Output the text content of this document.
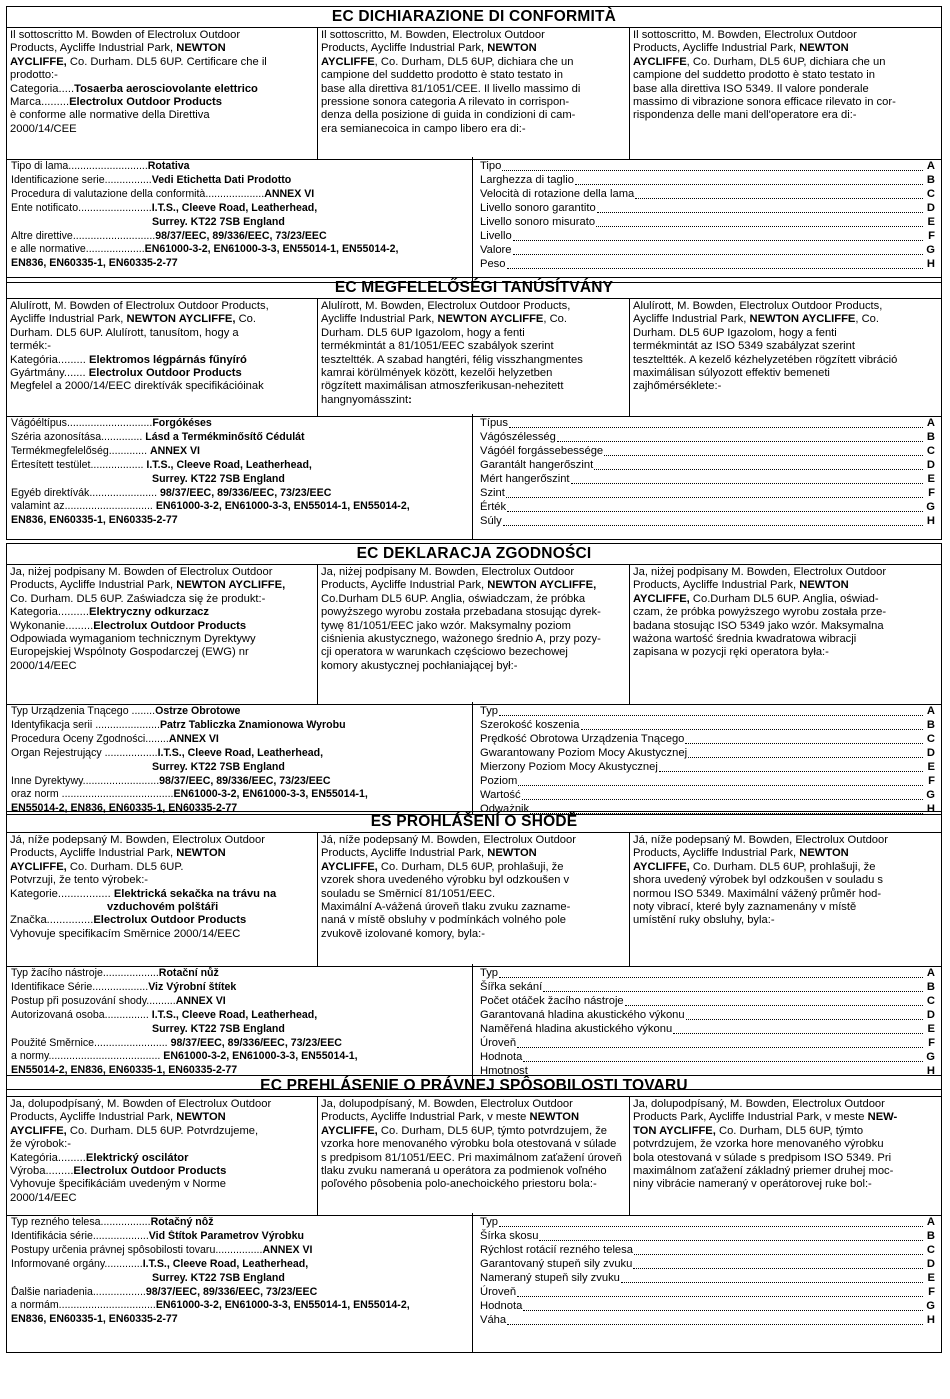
EC DICHIARAZIONE DI CONFORMITÀ
Il sottoscritto M. Bowden of Electrolux Outdoor
Products, Aycliffe Industrial Park, NEWTON
AYCLIFFE, Co. Durham. DL5 6UP. Certificare che il
prodotto:-
Categoria.....Tosaerba aerosciovolante elettrico
Marca.........Electrolux Outdoor Products
è conforme alle normative della Direttiva
2000/14/CEE
Il sottoscritto, M. Bowden, Electrolux Outdoor
Products, Aycliffe Industrial Park, NEWTON
AYCLIFFE, Co. Durham, DL5 6UP, dichiara che un
campione del suddetto prodotto è stato testato in
base alla direttiva 81/1051/CEE. Il livello massimo di
pressione sonora categoria A rilevato in corrispon-
denza della posizione di guida in condizioni di cam-
era semianecoica in campo libero era di:-
Il sottoscritto, M. Bowden, Electrolux Outdoor
Products, Aycliffe Industrial Park, NEWTON
AYCLIFFE, Co. Durham, DL5 6UP, dichiara che un
campione del suddetto prodotto è stato testato in
base alla direttiva ISO 5349. Il valore ponderale
massimo di vibrazione sonora efficace rilevato in cor-
rispondenza delle mani dell'operatore era di:-
Tipo di lama...........................Rotativa
Identificazione serie................Vedi Etichetta Dati Prodotto
Procedura di valutazione della conformità....................ANNEX VI
Ente notificato.........................I.T.S., Cleeve Road, Leatherhead,
Surrey. KT22 7SB England
Altre direttive............................98/37/EEC, 89/336/EEC, 73/23/EEC
e alle normative....................EN61000-3-2, EN61000-3-3, EN55014-1, EN55014-2,
EN836, EN60335-1, EN60335-2-77
Tipo	A
Larghezza di taglio	B
Velocità di rotazione della lama	C
Livello sonoro garantito	D
Livello sonoro misurato	E
Livello	F
Valore	G
Peso	H
EC MEGFELELŐSÉGI TANÚSÍTVÁNY
Alulírott, M. Bowden of Electrolux Outdoor Products,
Aycliffe Industrial Park, NEWTON AYCLIFFE, Co.
Durham. DL5 6UP. Alulírott, tanusítom, hogy a
termék:-
Kategória......... Elektromos légpárnás fűnyíró
Gyártmány....... Electrolux Outdoor Products
Megfelel a 2000/14/EEC direktívák specifikációinak
Alulírott, M. Bowden, Electrolux Outdoor Products,
Aycliffe Industrial Park, NEWTON AYCLIFFE, Co.
Durham. DL5 6UP Igazolom, hogy a fenti
termékmintát a 81/1051/EEC szabályok szerint
teszteltték. A szabad hangtéri, félig visszhangmentes
kamrai körülmények között, kezelői helyzetben
rögzített maximálisan atmoszferikusan-nehezitett
hangnyomásszint:
Alulírott, M. Bowden, Electrolux Outdoor Products,
Aycliffe Industrial Park, NEWTON AYCLIFFE, Co.
Durham. DL5 6UP Igazolom, hogy a fenti
termékmintát az ISO 5349 szabályzat szerint
teszteltték. A kezelő kézhelyzetében rögzített vibráció
maximálisan súlyozott effektiv bemeneti
zajhőmérséklete:-
Vágóéltípus.............................Forgókéses
Széria azonosítása.............. Lásd a Termékminősítő Cédulát
Termékmegfelelőség............. ANNEX VI
Értesített testület.................. I.T.S., Cleeve Road, Leatherhead,
Surrey. KT22 7SB England
Egyéb direktívák....................... 98/37/EEC, 89/336/EEC, 73/23/EEC
valamint az.............................. EN61000-3-2, EN61000-3-3, EN55014-1, EN55014-2,
EN836, EN60335-1, EN60335-2-77
Típus	A
Vágószélesség	B
Vágóél forgássebessége	C
Garantált hangerőszint	D
Mért hangerőszint	E
Szint	F
Érték	G
Súly	H
EC DEKLARACJA ZGODNOŚCI
Ja, niżej podpisany M. Bowden of Electrolux Outdoor
Products, Aycliffe Industrial Park, NEWTON AYCLIFFE,
Co. Durham. DL5 6UP. Zaświadcza się że produkt:-
Kategoria..........Elektryczny odkurzacz
Wykonanie.........Electrolux Outdoor Products
Odpowiada wymaganiom technicznym Dyrektywy
Europejskiej Wspólnoty Gospodarczej (EWG) nr
2000/14/EEC
Ja, niżej podpisany M. Bowden, Electrolux Outdoor
Products, Aycliffe Industrial Park, NEWTON AYCLIFFE,
Co.Durham DL5 6UP. Anglia, oświadczam, że próbka
powyższego wyrobu została przebadana stosując dyrek-
tywę 81/1051/EEC jako wzór. Maksymalny poziom
ciśnienia akustycznego, ważonego średnio A, przy pozy-
cji operatora w warunkach częściowo bezechowej
komory akustycznej pochłaniającej był:-
Ja, niżej podpisany M. Bowden, Electrolux Outdoor
Products, Aycliffe Industrial Park, NEWTON
AYCLIFFE, Co.Durham DL5 6UP. Anglia, oświad-
czam, że próbka powyższego wyrobu została prze-
badana stosując ISO 5349 jako wzór. Maksymalna
ważona wartość średnia kwadratowa wibracji
zapisana w pozycji ręki operatora była:-
Typ Urządzenia Tnącego ........Ostrze Obrotowe
Identyfikacja serii ......................Patrz Tabliczka Znamionowa Wyrobu
Procedura Oceny Zgodności........ANNEX VI
Organ Rejestrujący ..................I.T.S., Cleeve Road, Leatherhead,
Surrey. KT22 7SB England
Inne Dyrektywy..........................98/37/EEC, 89/336/EEC, 73/23/EEC
oraz norm ......................................EN61000-3-2, EN61000-3-3, EN55014-1,
EN55014-2, EN836, EN60335-1, EN60335-2-77
Typ	A
Szerokość koszenia	B
Prędkość Obrotowa Urządzenia Tnącego	C
Gwarantowany Poziom Mocy Akustycznej	D
Mierzony Poziom Mocy Akustycznej	E
Poziom	F
Wartość	G
Odważnik	H
ES PROHLÁŠENÍ O SHODĚ
Já, níže podepsaný M. Bowden, Electrolux Outdoor
Products, Aycliffe Industrial Park, NEWTON
AYCLIFFE, Co. Durham. DL5 6UP.
Potvrzuji, že tento výrobek:-
Kategorie................. Elektrická sekačka na trávu na
vzduchovém polštáři
Značka...............Electrolux Outdoor Products
Vyhovuje specifikacím Směrnice 2000/14/EEC
Já, níže podepsaný M. Bowden, Electrolux Outdoor
Products, Aycliffe Industrial Park, NEWTON
AYCLIFFE, Co. Durham, DL5 6UP, prohlašuji, že
vzorek shora uvedeného výrobku byl odzkoušen v
souladu se Směrnicí 81/1051/EEC.
Maximální A-vážená úroveň tlaku zvuku zazname-
naná v místě obsluhy v podmínkách volného pole
zvukově izolované komory, byla:-
Já, níže podepsaný M. Bowden, Electrolux Outdoor
Products, Aycliffe Industrial Park, NEWTON
AYCLIFFE, Co. Durham. DL5 6UP, prohlašuji, že
shora uvedený výrobek byl odzkoušen v souladu s
normou ISO 5349. Maximální vážený průměr hod-
noty vibrací, které byly zaznamenány v místě
umístění ruky obsluhy, byla:-
Typ žacího nástroje...................Rotační nůž
Identifikace Série...................Viz Výrobní štítek
Postup při posuzování shody..........ANNEX VI
Autorizovaná osoba............... I.T.S., Cleeve Road, Leatherhead,
Surrey. KT22 7SB England
Použité Směrnice......................... 98/37/EEC, 89/336/EEC, 73/23/EEC
a normy...................................... EN61000-3-2, EN61000-3-3, EN55014-1,
EN55014-2, EN836, EN60335-1, EN60335-2-77
Typ	A
Šířka sekání	B
Počet otáček žacího nástroje	C
Garantovaná hladina akustického výkonu	D
Naměřená hladina akustického výkonu	E
Úroveň	F
Hodnota	G
Hmotnost	H
EC PREHLÁSENIE O PRÁVNEJ SPÔSOBILOSTI TOVARU
Ja, dolupodpísaný, M. Bowden of Electrolux Outdoor
Products, Aycliffe Industrial Park, NEWTON
AYCLIFFE, Co. Durham. DL5 6UP. Potvrdzujeme,
že výrobok:-
Kategória.........Elektrický oscilátor
Výroba.........Electrolux Outdoor Products
Vyhovuje špecifikáciám uvedeným v Norme
2000/14/EEC
Ja, dolupodpísaný, M. Bowden, Electrolux Outdoor
Products, Aycliffe Industrial Park, v meste NEWTON
AYCLIFFE, Co. Durham, DL5 6UP, týmto potvrdzujem, že
vzorka hore menovaného výrobku bola otestovaná v súlade
s predpisom 81/1051/EEC. Pri maximálnom zaťažení úroveň
tlaku zvuku nameraná u operátora za podmienok voľného
poľového pôsobenia polo-anechoického priestoru bola:-
Ja, dolupodpísaný, M. Bowden, Electrolux Outdoor
Products Park, Aycliffe Industrial Park, v meste NEW-
TON AYCLIFFE, Co. Durham, DL5 6UP, týmto
potvrdzujem, že vzorka hore menovaného výrobku
bola otestovaná v súlade s predpisom ISO 5349. Pri
maximálnom zaťažení základný priemer druhej moc-
niny vibrácie nameraný v operátorovej ruke bol:-
Typ rezného telesa.................Rotačný nôž
Identifikácia série...................Vid Štítok Parametrov Výrobku
Postupy určenia právnej spôsobilosti tovaru................ANNEX VI
Informované orgány.............I.T.S., Cleeve Road, Leatherhead,
Surrey. KT22 7SB England
Ďalšie nariadenia..................98/37/EEC, 89/336/EEC, 73/23/EEC
a normám.................................EN61000-3-2, EN61000-3-3, EN55014-1, EN55014-2,
EN836, EN60335-1, EN60335-2-77
Typ	A
Šírka skosu	B
Rýchlost rotácií rezného telesa	C
Garantovaný stupeň sily zvuku	D
Nameraný stupeň sily zvuku	E
Úroveň	F
Hodnota	G
Váha	H
